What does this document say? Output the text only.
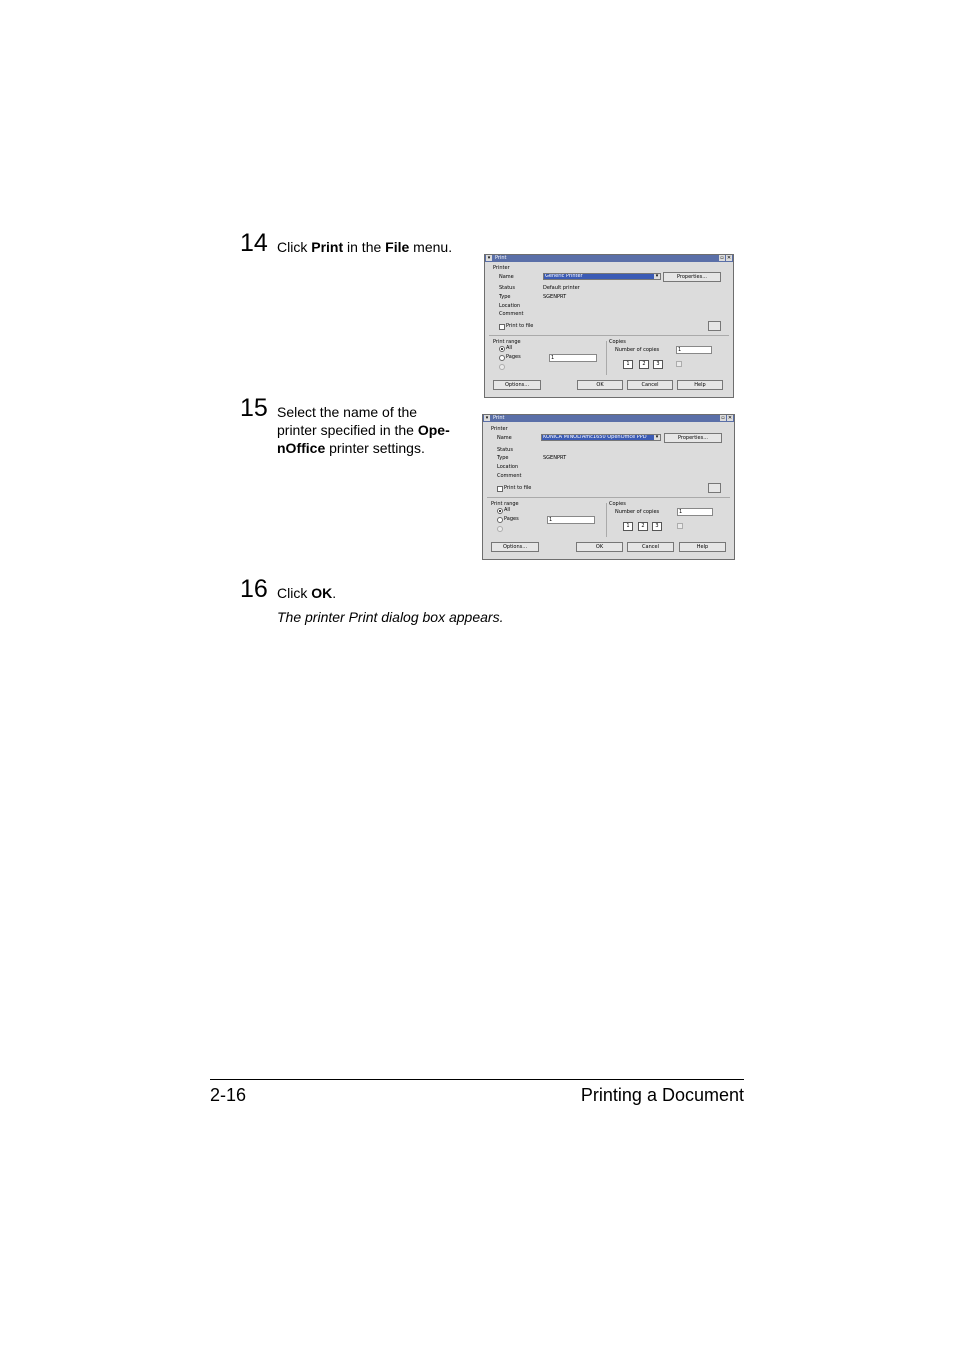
14 Click Print in the File menu.
15 Select the name of the
printer specified in the Ope-
nOffice printer settings.
16 Click OK.
The printer Print dialog box appears.
▾ Print	▫ ✕
Printer
Name	Generic Printer	▾	Properties...
Status	Default printer
Type	SGENPRT
Location
Comment
Print to file
Print range
All
Pages	1
Copies
Number of copies	1
1	2	3
Options...	OK	Cancel	Help
▾ Print	▫ ✕
Printer
Name	KONICA MINOLTAmc1650 OpenOffice PPD	▾	Properties...
Status
Type	SGENPRT
Location
Comment
Print to file
Print range
All
Pages	1
Copies
Number of copies	1
1	2	3
Options...	OK	Cancel	Help
2-16	Printing a Document
